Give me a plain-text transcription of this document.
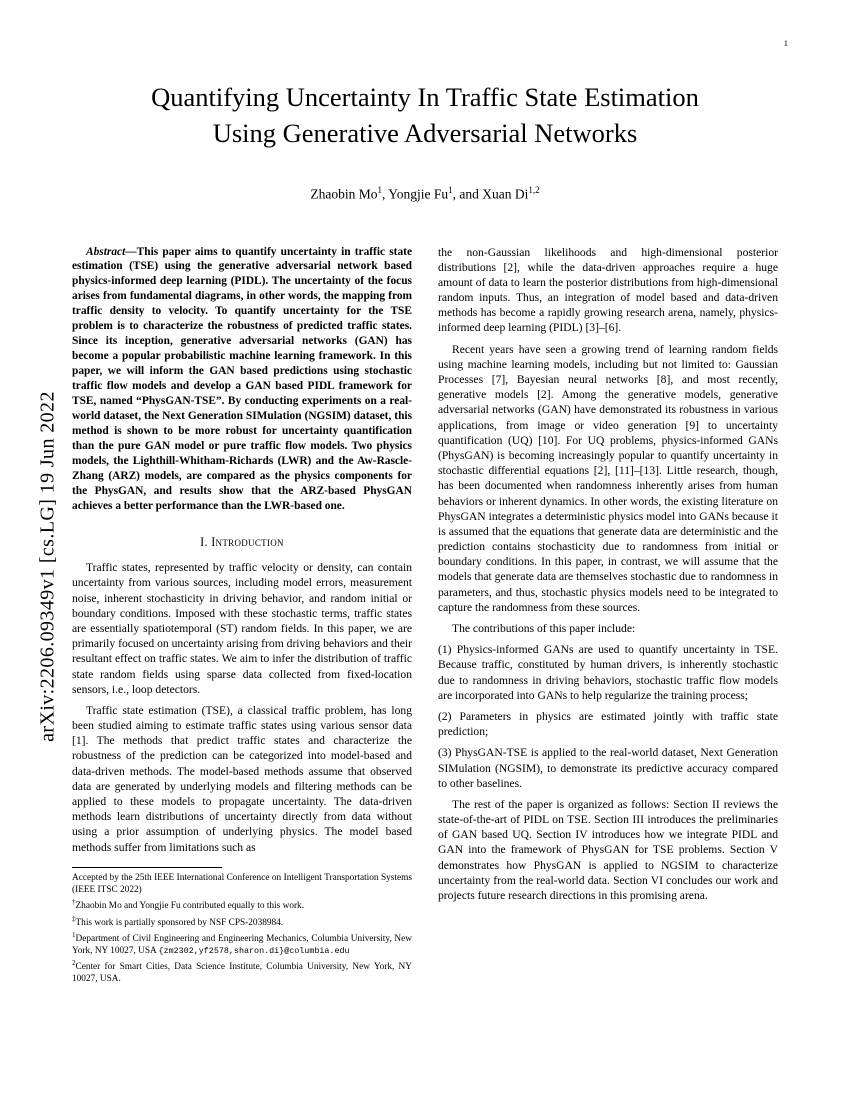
1
arXiv:2206.09349v1 [cs.LG] 19 Jun 2022
Quantifying Uncertainty In Traffic State Estimation
Using Generative Adversarial Networks
Zhaobin Mo$^1$, Yongjie Fu$^1$, and Xuan Di$^{1,2}$
Abstract—This paper aims to quantify uncertainty in traffic state estimation (TSE) using the generative adversarial network based physics-informed deep learning (PIDL). The uncertainty of the focus arises from fundamental diagrams, in other words, the mapping from traffic density to velocity. To quantify uncertainty for the TSE problem is to characterize the robustness of predicted traffic states. Since its inception, generative adversarial networks (GAN) has become a popular probabilistic machine learning framework. In this paper, we will inform the GAN based predictions using stochastic traffic flow models and develop a GAN based PIDL framework for TSE, named “PhysGAN-TSE”. By conducting experiments on a real-world dataset, the Next Generation SIMulation (NGSIM) dataset, this method is shown to be more robust for uncertainty quantification than the pure GAN model or pure traffic flow models. Two physics models, the Lighthill-Whitham-Richards (LWR) and the Aw-Rascle-Zhang (ARZ) models, are compared as the physics components for the PhysGAN, and results show that the ARZ-based PhysGAN achieves a better performance than the LWR-based one.
I. Introduction

Traffic states, represented by traffic velocity or density, can contain uncertainty from various sources, including model errors, measurement noise, inherent stochasticity in driving behavior, and random initial or boundary conditions. Imposed with these stochastic terms, traffic states are essentially spatiotemporal (ST) random fields. In this paper, we are primarily focused on uncertainty arising from driving behaviors and their resultant effect on traffic states. We aim to infer the distribution of traffic state random fields using sparse data collected from fixed-location sensors, i.e., loop detectors.

Traffic state estimation (TSE), a classical traffic problem, has long been studied aiming to estimate traffic states using various sensor data [1]. The methods that predict traffic states and characterize the robustness of the prediction can be categorized into model-based and data-driven methods. The model-based methods assume that observed data are generated by underlying models and filtering methods can be applied to these models to propagate uncertainty. The data-driven methods learn distributions of uncertainty directly from data without using a prior assumption of underlying physics. The model based methods suffer from limitations such as

Accepted by the 25th IEEE International Conference on Intelligent Transportation Systems (IEEE ITSC 2022)
†Zhaobin Mo and Yongjie Fu contributed equally to this work.
‡This work is partially sponsored by NSF CPS-2038984.
$^1$Department of Civil Engineering and Engineering Mechanics, Columbia University, New York, NY 10027, USA {zm2302,yf2578,sharon.di}@columbia.edu
$^2$Center for Smart Cities, Data Science Institute, Columbia University, New York, NY 10027, USA.

the non-Gaussian likelihoods and high-dimensional posterior distributions [2], while the data-driven approaches require a huge amount of data to learn the posterior distributions from high-dimensional random inputs. Thus, an integration of model based and data-driven methods has become a rapidly growing research arena, namely, physics-informed deep learning (PIDL) [3]–[6].

Recent years have seen a growing trend of learning random fields using machine learning models, including but not limited to: Gaussian Processes [7], Bayesian neural networks [8], and most recently, generative models [2]. Among the generative models, generative adversarial networks (GAN) have demonstrated its robustness in various applications, from image or video generation [9] to uncertainty quantification (UQ) [10]. For UQ problems, physics-informed GANs (PhysGAN) is becoming increasingly popular to quantify uncertainty in stochastic differential equations [2], [11]–[13]. Little research, though, has been documented when randomness inherently arises from human behaviors or inherent dynamics. In other words, the existing literature on PhysGAN integrates a deterministic physics model into GANs because it is assumed that the equations that generate data are deterministic and the prediction contains stochasticity due to randomness from initial or boundary conditions. In this paper, in contrast, we will assume that the models that generate data are themselves stochastic due to randomness in parameters, and thus, stochastic physics models need to be integrated to capture the randomness from these sources.

The contributions of this paper include:

(1) Physics-informed GANs are used to quantify uncertainty in TSE. Because traffic, constituted by human drivers, is inherently stochastic due to randomness in driving behaviors, stochastic traffic flow models are incorporated into GANs to help regularize the training process;

(2) Parameters in physics are estimated jointly with traffic state prediction;

(3) PhysGAN-TSE is applied to the real-world dataset, Next Generation SIMulation (NGSIM), to demonstrate its predictive accuracy compared to other baselines.

The rest of the paper is organized as follows: Section II reviews the state-of-the-art of PIDL on TSE. Section III introduces the preliminaries of GAN based UQ. Section IV introduces how we integrate PIDL and GAN into the framework of PhysGAN for TSE problems. Section V demonstrates how PhysGAN is applied to NGSIM to characterize uncertainty from the real-world data. Section VI concludes our work and projects future research directions in this promising arena.
